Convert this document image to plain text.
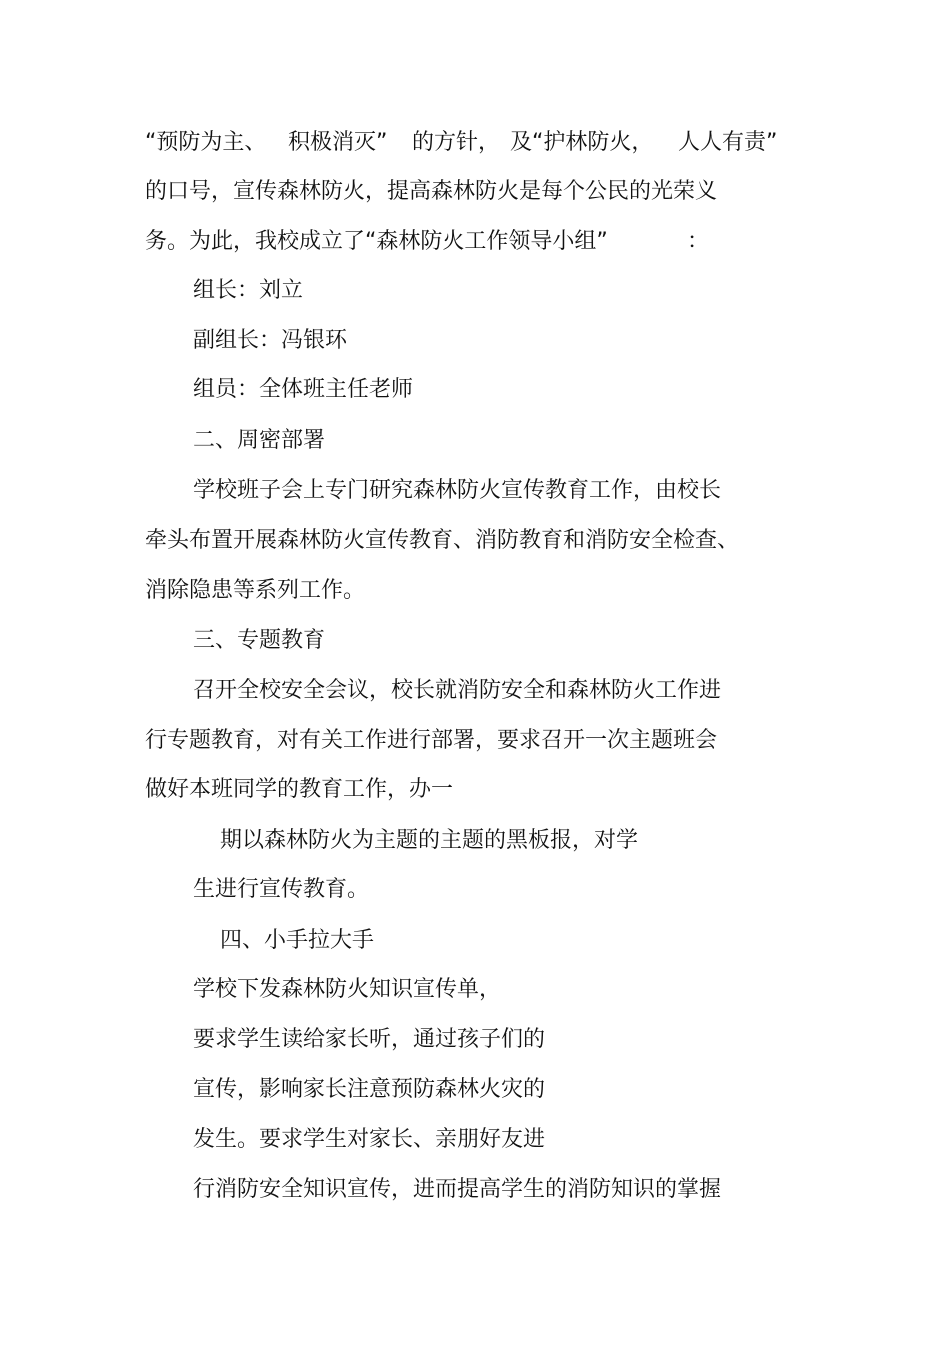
“预防为主、 积极消灭” 的方针， 及“护林防火， 人人有责”
的口号，宣传森林防火，提高森林防火是每个公民的光荣义
务。为此，我校成立了“森林防火工作领导小组”	：
组长：刘立
副组长：冯银环
组员：全体班主任老师
二、周密部署
学校班子会上专门研究森林防火宣传教育工作，由校长
牵头布置开展森林防火宣传教育、消防教育和消防安全检查、
消除隐患等系列工作。
三、专题教育
召开全校安全会议，校长就消防安全和森林防火工作进
行专题教育，对有关工作进行部署，要求召开一次主题班会
做好本班同学的教育工作，办一
期以森林防火为主题的主题的黑板报，对学
生进行宣传教育。
四、小手拉大手
学校下发森林防火知识宣传单，
要求学生读给家长听，通过孩子们的
宣传，影响家长注意预防森林火灾的
发生。要求学生对家长、亲朋好友进
行消防安全知识宣传，进而提高学生的消防知识的掌握
